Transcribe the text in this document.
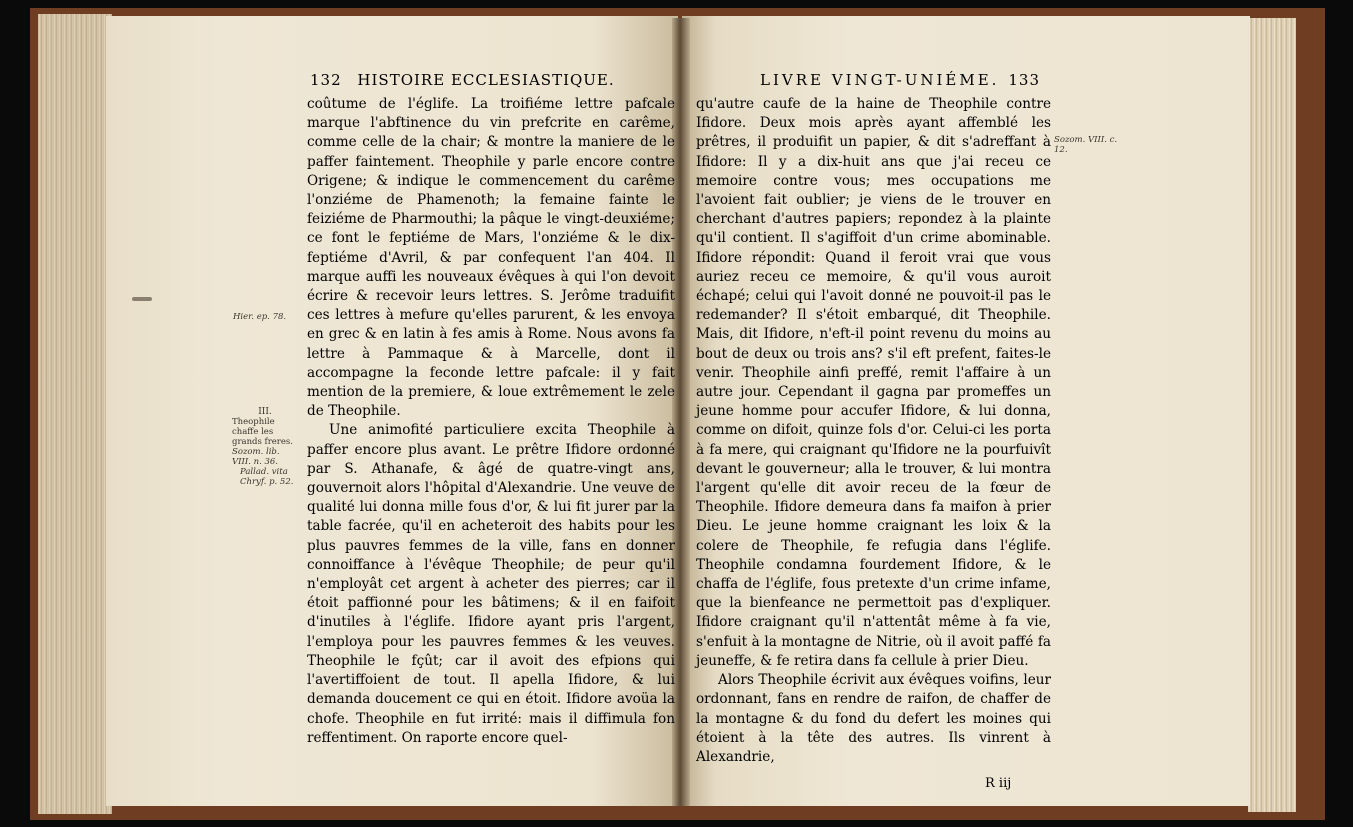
132 HISTOIRE ECCLESIASTIQUE.

coûtume de l'églife. La troifiéme lettre pafcale marque l'abftinence du vin prefcrite en carême, comme celle de la chair; & montre la maniere de le paffer faintement. Theophile y parle encore contre Origene; & indique le commencement du carême l'onziéme de Phamenoth; la femaine fainte le feiziéme de Pharmouthi; la pâque le vingt-deuxiéme; ce font le feptiéme de Mars, l'onziéme & le dix-feptiéme d'Avril, & par confequent l'an 404. Il marque auffi les nouveaux évêques à qui l'on devoit écrire & recevoir leurs lettres. S. Jerôme traduifit ces lettres à mefure qu'elles parurent, & les envoya en grec & en latin à fes amis à Rome. Nous avons fa lettre à Pammaque & à Marcelle, dont il accompagne la feconde lettre pafcale: il y fait mention de la premiere, & loue extrêmement le zele de Theophile.

Une animofité particuliere excita Theophile à paffer encore plus avant. Le prêtre Ifidore ordonné par S. Athanafe, & âgé de quatre-vingt ans, gouvernoit alors l'hôpital d'Alexandrie. Une veuve de qualité lui donna mille fous d'or, & lui fit jurer par la table facrée, qu'il en acheteroit des habits pour les plus pauvres femmes de la ville, fans en donner connoiffance à l'évêque Theophile; de peur qu'il n'employât cet argent à acheter des pierres; car il étoit paffionné pour les bâtimens; & il en faifoit d'inutiles à l'églife. Ifidore ayant pris l'argent, l'employa pour les pauvres femmes & les veuves. Theophile le fçût; car il avoit des efpions qui l'avertiffoient de tout. Il apella Ifidore, & lui demanda doucement ce qui en étoit. Ifidore avoüa la chofe. Theophile en fut irrité: mais il diffimula fon reffentiment. On raporte encore quel-

Hier. ep. 78.
III.
Theophile chaffe les grands freres.
Sozom. lib. VIII. n. 36.
Pallad. vita Chryf. p. 52.
LIVRE VINGT-UNIÉME. 133

qu'autre caufe de la haine de Theophile contre Ifidore. Deux mois après ayant affemblé les prêtres, il produifit un papier, & dit s'adreffant à Ifidore: Il y a dix-huit ans que j'ai receu ce memoire contre vous; mes occupations me l'avoient fait oublier; je viens de le trouver en cherchant d'autres papiers; repondez à la plainte qu'il contient. Il s'agiffoit d'un crime abominable. Ifidore répondit: Quand il feroit vrai que vous auriez receu ce memoire, & qu'il vous auroit échapé; celui qui l'avoit donné ne pouvoit-il pas le redemander? Il s'étoit embarqué, dit Theophile. Mais, dit Ifidore, n'eft-il point revenu du moins au bout de deux ou trois ans? s'il eft prefent, faites-le venir. Theophile ainfi preffé, remit l'affaire à un autre jour. Cependant il gagna par promeffes un jeune homme pour accufer Ifidore, & lui donna, comme on difoit, quinze fols d'or. Celui-ci les porta à fa mere, qui craignant qu'Ifidore ne la pourfuivît devant le gouverneur; alla le trouver, & lui montra l'argent qu'elle dit avoir receu de la fœur de Theophile. Ifidore demeura dans fa maifon à prier Dieu. Le jeune homme craignant les loix & la colere de Theophile, fe refugia dans l'églife. Theophile condamna fourdement Ifidore, & le chaffa de l'églife, fous pretexte d'un crime infame, que la bienfeance ne permettoit pas d'expliquer. Ifidore craignant qu'il n'attentât même à fa vie, s'enfuit à la montagne de Nitrie, où il avoit paffé fa jeuneffe, & fe retira dans fa cellule à prier Dieu.

Alors Theophile écrivit aux évêques voifins, leur ordonnant, fans en rendre de raifon, de chaffer de la montagne & du fond du defert les moines qui étoient à la tête des autres. Ils vinrent à Alexandrie,

Sozom. VIII. c. 12.
R iij
